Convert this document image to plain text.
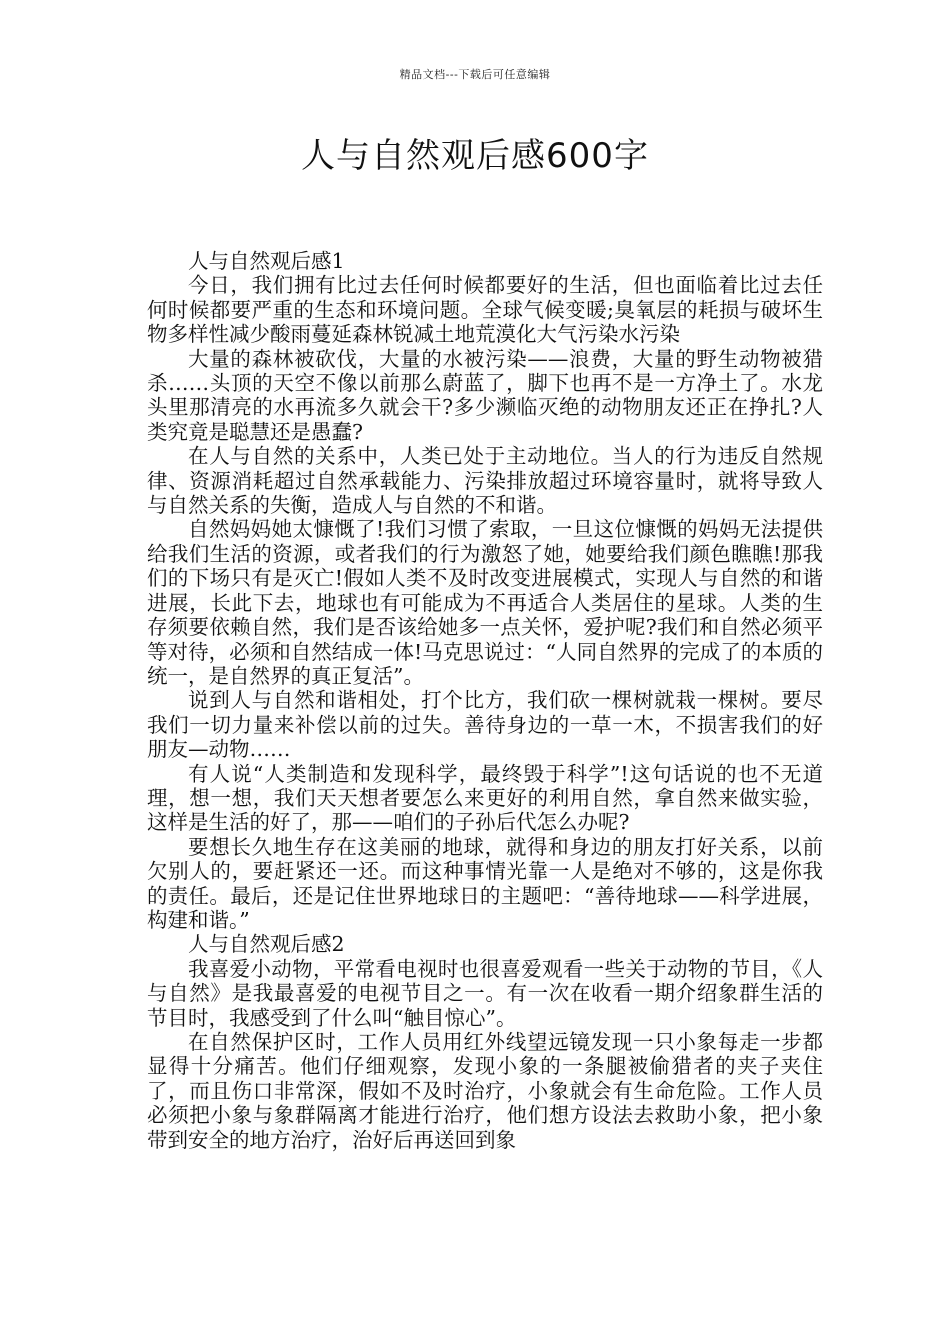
精品文档---下载后可任意编辑
人与自然观后感600字

人与自然观后感1

今日，我们拥有比过去任何时候都要好的生活，但也面临着比过去任何时候都要严重的生态和环境问题。全球气候变暖;臭氧层的耗损与破坏生物多样性减少酸雨蔓延森林锐减土地荒漠化大气污染水污染

大量的森林被砍伐，大量的水被污染——浪费，大量的野生动物被猎杀……头顶的天空不像以前那么蔚蓝了，脚下也再不是一方净土了。水龙头里那清亮的水再流多久就会干?多少濒临灭绝的动物朋友还正在挣扎?人类究竟是聪慧还是愚蠢?

在人与自然的关系中，人类已处于主动地位。当人的行为违反自然规律、资源消耗超过自然承载能力、污染排放超过环境容量时，就将导致人与自然关系的失衡，造成人与自然的不和谐。

自然妈妈她太慷慨了!我们习惯了索取，一旦这位慷慨的妈妈无法提供给我们生活的资源，或者我们的行为激怒了她，她要给我们颜色瞧瞧!那我们的下场只有是灭亡!假如人类不及时改变进展模式，实现人与自然的和谐进展，长此下去，地球也有可能成为不再适合人类居住的星球。人类的生存须要依赖自然，我们是否该给她多一点关怀，爱护呢?我们和自然必须平等对待，必须和自然结成一体!马克思说过：“人同自然界的完成了的本质的统一，是自然界的真正复活”。

说到人与自然和谐相处，打个比方，我们砍一棵树就栽一棵树。要尽我们一切力量来补偿以前的过失。善待身边的一草一木，不损害我们的好朋友—动物……

有人说“人类制造和发现科学，最终毁于科学”!这句话说的也不无道理，想一想，我们天天想者要怎么来更好的利用自然，拿自然来做实验，这样是生活的好了，那——咱们的子孙后代怎么办呢?

要想长久地生存在这美丽的地球，就得和身边的朋友打好关系，以前欠别人的，要赶紧还一还。而这种事情光靠一人是绝对不够的，这是你我的责任。最后，还是记住世界地球日的主题吧：“善待地球——科学进展，构建和谐。”

人与自然观后感2

我喜爱小动物，平常看电视时也很喜爱观看一些关于动物的节目，《人与自然》是我最喜爱的电视节目之一。有一次在收看一期介绍象群生活的节目时，我感受到了什么叫“触目惊心”。

在自然保护区时，工作人员用红外线望远镜发现一只小象每走一步都显得十分痛苦。他们仔细观察，发现小象的一条腿被偷猎者的夹子夹住了，而且伤口非常深，假如不及时治疗，小象就会有生命危险。工作人员必须把小象与象群隔离才能进行治疗，他们想方设法去救助小象，把小象带到安全的地方治疗，治好后再送回到象
